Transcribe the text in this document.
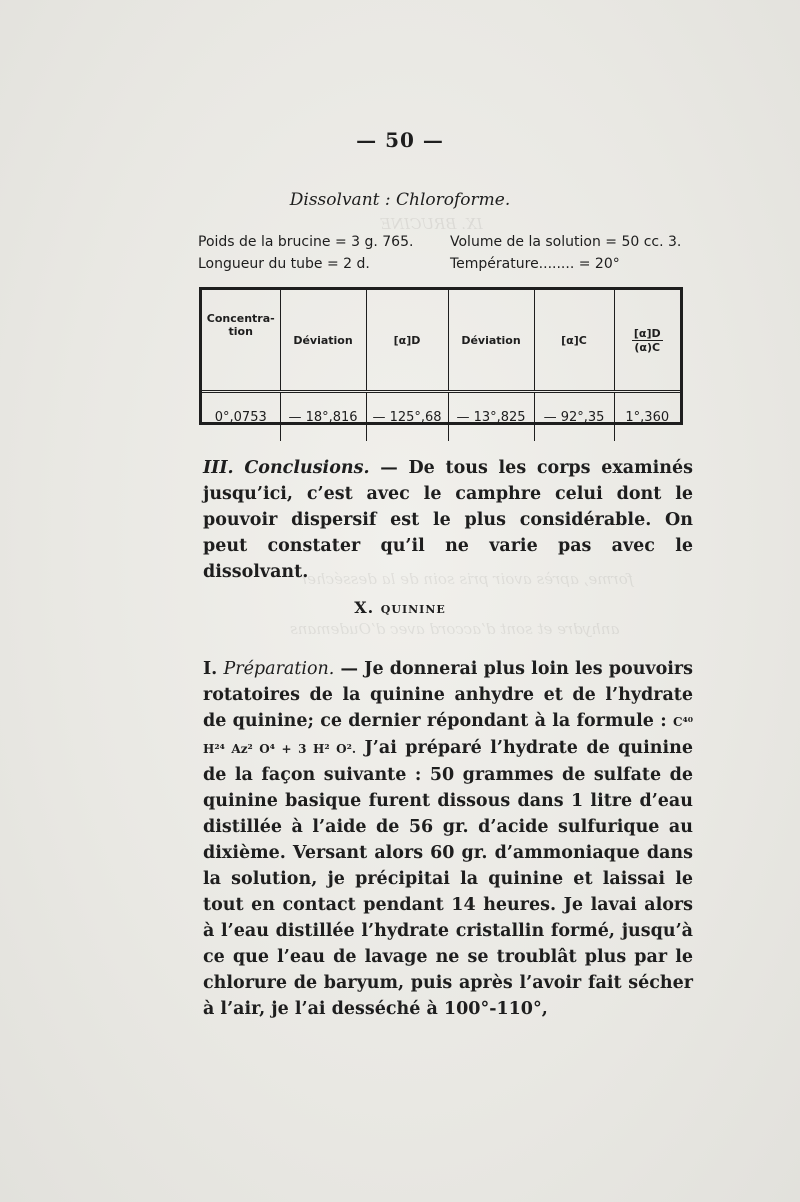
IX. BRUCINE
forme, après avoir pris soin de la dessécher
anhydre et sont d’accord avec d’Oudemans
— 50 —
Dissolvant : Chloroforme.
Poids de la brucine = 3 g. 765.	Volume de la solution = 50 cc. 3.
Longueur du tube = 2 d.	Température........ = 20°
Concentra-tion	Déviation	[α]D	Déviation	[α]C	$\frac{[\alpha]D}{(\alpha)C}$

0°,0753	— 18°,816	— 125°,68	— 13°,825	— 92°,35	1°,360
III. Conclusions. — De tous les corps examinés jusqu’ici, c’est avec le camphre celui dont le pouvoir dispersif est le plus considérable. On peut constater qu’il ne varie pas avec le dissolvant.
X. QUININE
I. Préparation. — Je donnerai plus loin les pouvoirs rotatoires de la quinine anhydre et de l’hydrate de quinine; ce dernier répondant à la formule : C⁴⁰ H²⁴ Az² O⁴ + 3 H² O². J’ai préparé l’hydrate de quinine de la façon suivante : 50 grammes de sulfate de quinine basique furent dissous dans 1 litre d’eau distillée à l’aide de 56 gr. d’acide sulfurique au dixième. Versant alors 60 gr. d’ammoniaque dans la solution, je précipitai la quinine et laissai le tout en contact pendant 14 heures. Je lavai alors à l’eau distillée l’hydrate cristallin formé, jusqu’à ce que l’eau de lavage ne se troublât plus par le chlorure de baryum, puis après l’avoir fait sécher à l’air, je l’ai desséché à 100°-110°,
